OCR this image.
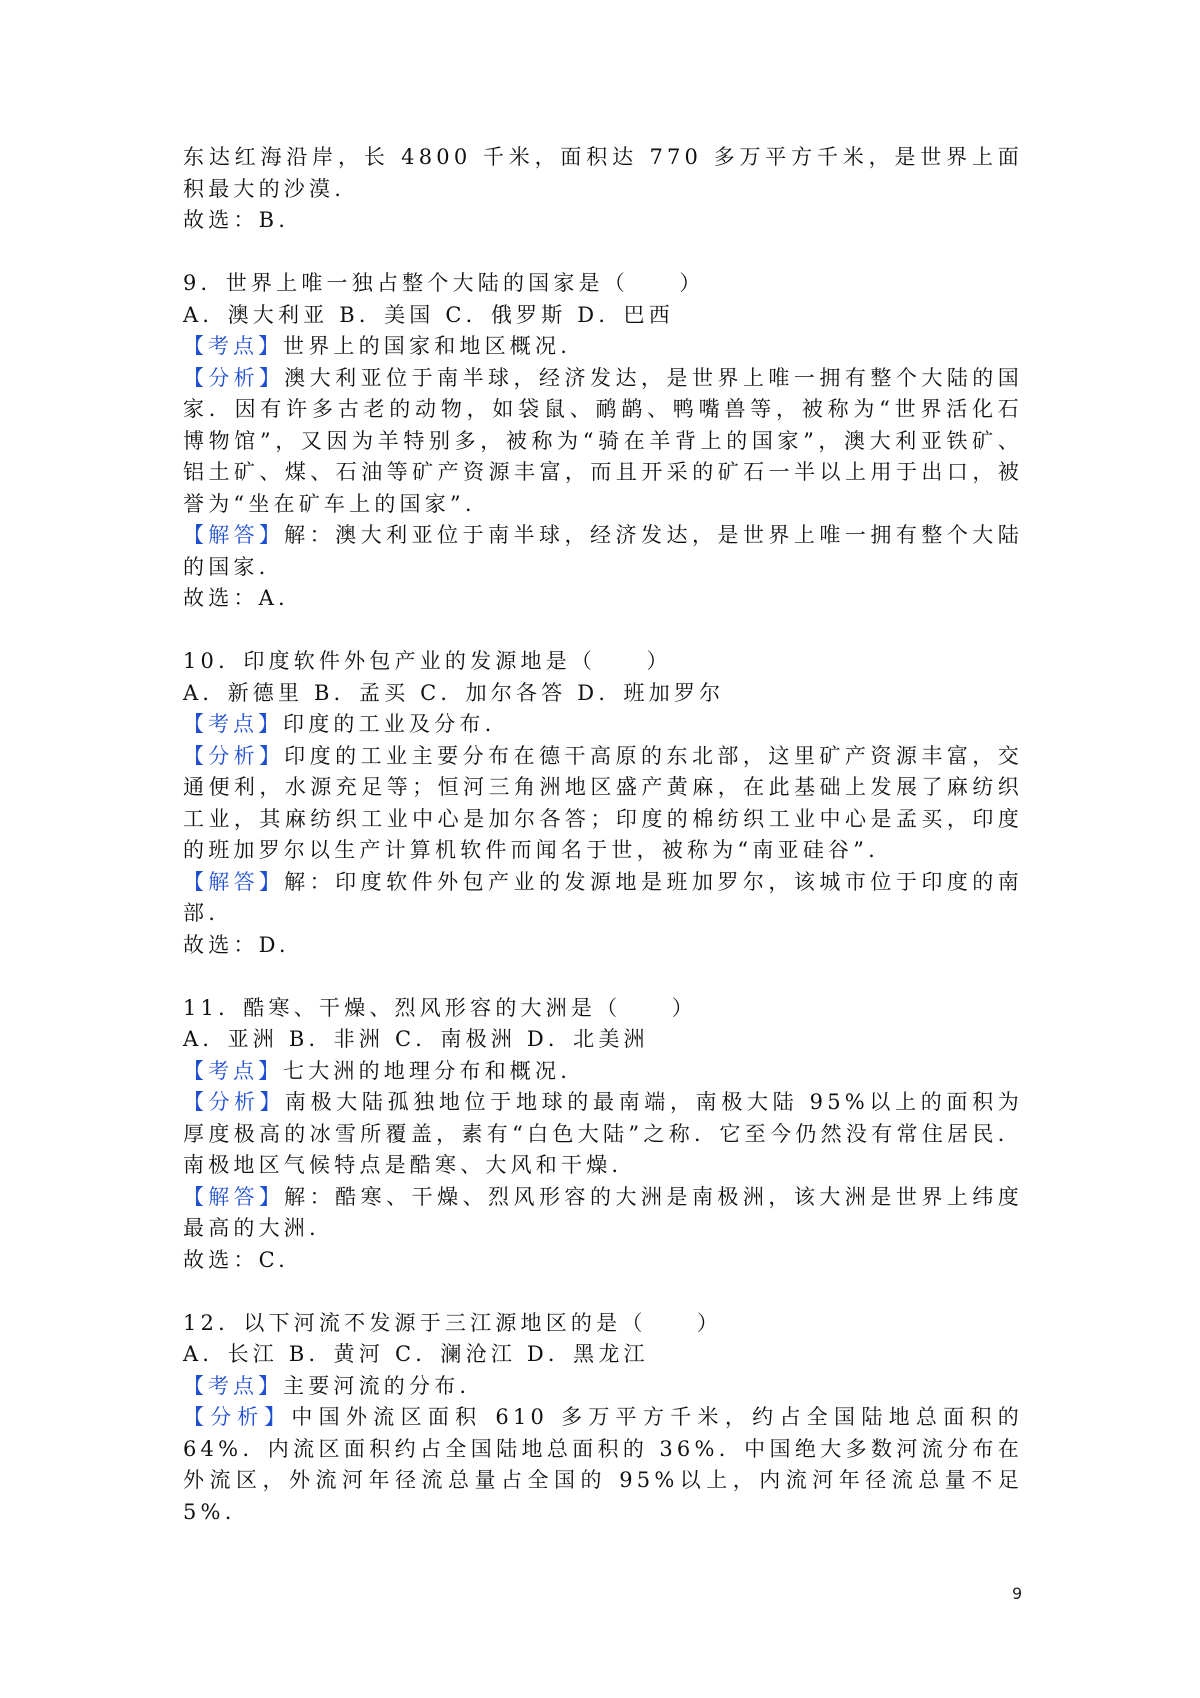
东达红海沿岸，长 4800 千米，面积达 770 多万平方千米，是世界上面积最大的沙漠.

故选：B.

9．世界上唯一独占整个大陆的国家是（　　）

A．澳大利亚 B．美国 C．俄罗斯 D．巴西

【考点】世界上的国家和地区概况.

【分析】澳大利亚位于南半球，经济发达，是世界上唯一拥有整个大陆的国家．因有许多古老的动物，如袋鼠、鸸鹋、鸭嘴兽等，被称为“世界活化石博物馆”，又因为羊特别多，被称为“骑在羊背上的国家”，澳大利亚铁矿、铝土矿、煤、石油等矿产资源丰富，而且开采的矿石一半以上用于出口，被誉为“坐在矿车上的国家”.

【解答】解：澳大利亚位于南半球，经济发达，是世界上唯一拥有整个大陆的国家.

故选：A.

10．印度软件外包产业的发源地是（　　）

A．新德里 B．孟买 C．加尔各答 D．班加罗尔

【考点】印度的工业及分布.

【分析】印度的工业主要分布在德干高原的东北部，这里矿产资源丰富，交通便利，水源充足等；恒河三角洲地区盛产黄麻，在此基础上发展了麻纺织工业，其麻纺织工业中心是加尔各答；印度的棉纺织工业中心是孟买，印度的班加罗尔以生产计算机软件而闻名于世，被称为“南亚硅谷”.

【解答】解：印度软件外包产业的发源地是班加罗尔，该城市位于印度的南部.

故选：D.

11．酷寒、干燥、烈风形容的大洲是（　　）

A．亚洲 B．非洲 C．南极洲 D．北美洲

【考点】七大洲的地理分布和概况.

【分析】南极大陆孤独地位于地球的最南端，南极大陆 95%以上的面积为厚度极高的冰雪所覆盖，素有“白色大陆”之称．它至今仍然没有常住居民．南极地区气候特点是酷寒、大风和干燥.

【解答】解：酷寒、干燥、烈风形容的大洲是南极洲，该大洲是世界上纬度最高的大洲.

故选：C.

12．以下河流不发源于三江源地区的是（　　）

A．长江 B．黄河 C．澜沧江 D．黑龙江

【考点】主要河流的分布.

【分析】中国外流区面积 610 多万平方千米，约占全国陆地总面积的 64%．内流区面积约占全国陆地总面积的 36%．中国绝大多数河流分布在外流区，外流河年径流总量占全国的 95%以上，内流河年径流总量不足 5%.

9
